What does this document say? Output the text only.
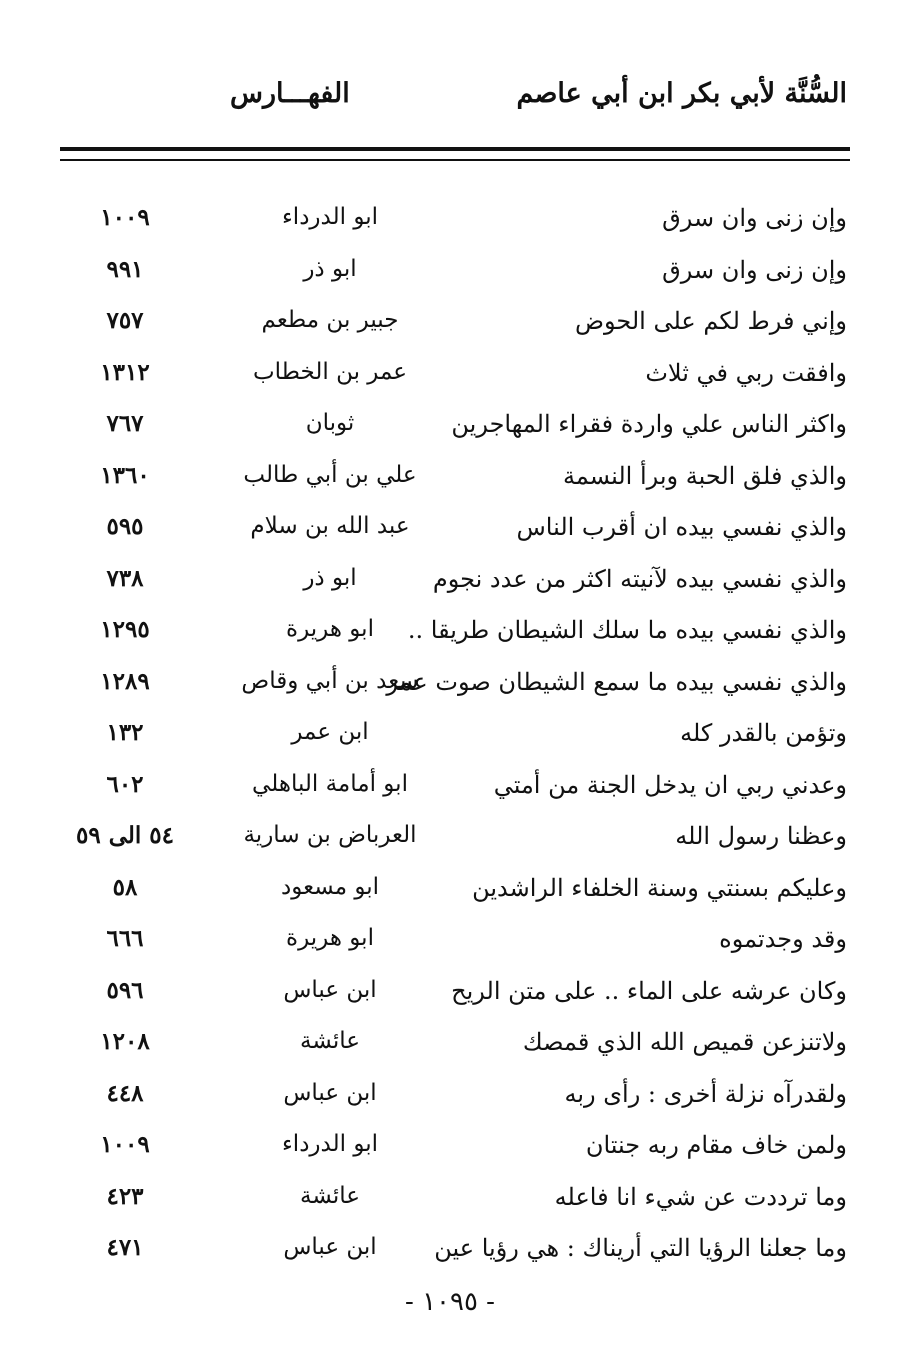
السُّنَّة لأبي بكر ابن أبي عاصم
الفهـــارس
وإن زنى وان سرق
ابو الدرداء
١٠٠٩
وإن زنى وان سرق
ابو ذر
٩٩١
وإني فرط لكم على الحوض
جبير بن مطعم
٧٥٧
وافقت ربي في ثلاث
عمر بن الخطاب
١٣١٢
واكثر الناس علي واردة فقراء المهاجرين
ثوبان
٧٦٧
والذي فلق الحبة وبرأ النسمة
علي بن أبي طالب
١٣٦٠
والذي نفسي بيده ان أقرب الناس
عبد الله بن سلام
٥٩٥
والذي نفسي بيده لآنيته اكثر من عدد نجوم
ابو ذر
٧٣٨
والذي نفسي بيده ما سلك الشيطان طريقا ..
ابو هريرة
١٢٩٥
والذي نفسي بيده ما سمع الشيطان صوت عمر
سعد بن أبي وقاص
١٢٨٩
وتؤمن بالقدر كله
ابن عمر
١٣٢
وعدني ربي ان يدخل الجنة من أمتي
ابو أمامة الباهلي
٦٠٢
وعظنا رسول الله
العرباض بن سارية
٥٤ الى ٥٩
وعليكم بسنتي وسنة الخلفاء الراشدين
ابو مسعود
٥٨
وقد وجدتموه
ابو هريرة
٦٦٦
وكان عرشه على الماء .. على متن الريح
ابن عباس
٥٩٦
ولاتنزعن قميص الله الذي قمصك
عائشة
١٢٠٨
ولقدرآه نزلة أخرى : رأى ربه
ابن عباس
٤٤٨
ولمن خاف مقام ربه جنتان
ابو الدرداء
١٠٠٩
وما ترددت عن شيء انا فاعله
عائشة
٤٢٣
وما جعلنا الرؤيا التي أريناك : هي رؤيا عين
ابن عباس
٤٧١
- ١٠٩٥ -
